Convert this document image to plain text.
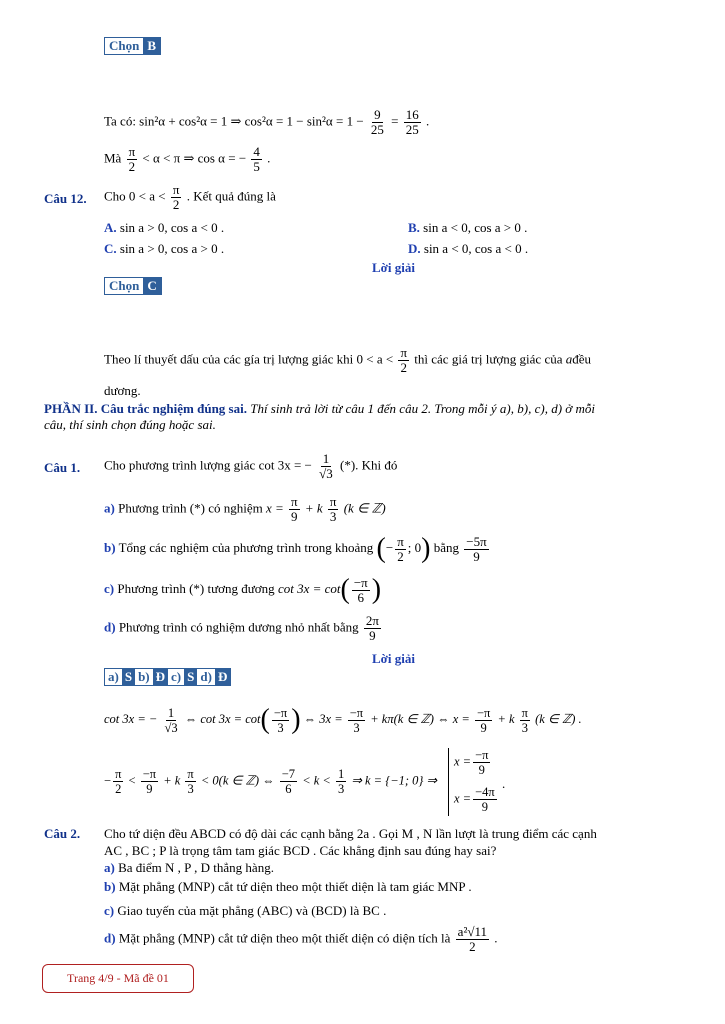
Chọn B
Ta có: sin²α + cos²α = 1 ⇒ $\cos^2\alpha = 1 - \sin^2\alpha = 1 - \frac{9}{25} = \frac{16}{25}$ .
Mà $\frac{\pi}{2} < \alpha < \pi$ ⇒ cos α = − $\frac{4}{5}$ .
Câu 12. Cho $0 < a < \frac{\pi}{2}$ . Kết quả đúng là
A. sin a > 0, cos a < 0 .	B. sin a < 0, cos a > 0 .
C. sin a > 0, cos a > 0 .	D. sin a < 0, cos a < 0 .
Lời giải
Chọn C
Theo lí thuyết dấu của các gía trị lượng giác khi $0 < a < \frac{\pi}{2}$ thì các giá trị lượng giác của ađều
dương.
PHẦN II. Câu trắc nghiệm đúng sai. Thí sinh trả lời từ câu 1 đến câu 2. Trong mỗi ý a), b), c), d) ở mỗi
câu, thí sinh chọn đúng hoặc sai.
Câu 1. Cho phương trình lượng giác cot 3x = − $\frac{1}{√3}$ (*). Khi đó
a) Phương trình (*) có nghiệm $x = \frac{\pi}{9} + k \frac{\pi}{3} (k$ ∈ ℤ)
b) Tổng các nghiệm của phương trình trong khoảng (− $\frac{\pi}{2}$ ; 0) bằng $\frac{-5\pi}{9}$
c) Phương trình (*) tương đương $\cot 3x = \cot( \frac{-\pi}{6}$ )
d) Phương trình có nghiệm dương nhỏ nhất bằng $\frac{2\pi}{9}$
Lời giải
a) S b) Đ c) S d) Đ
cot 3x = − $\frac{1}{√3}$ ⇔ $\cot 3x = \cot( \frac{-\pi}{3}$ ) ⇔ $3x = \frac{-\pi}{3} + k\pi(k$ ∈ ℤ) ⇔ $x = \frac{-\pi}{9} + k \frac{\pi}{3} (k$ ∈ ℤ) .
− $\frac{\pi}{2} < \frac{-\pi}{9} + k \frac{\pi}{3} < 0(k$ ∈ ℤ) ⇔ $\frac{-7}{6} < k < \frac{1}{3}$ ⇒ k = {−1; 0} ⇒
$x = \frac{-\pi}{9}$
$x = \frac{-4\pi}{9}$
.
Câu 2. Cho tứ diện đều ABCD có độ dài các cạnh bằng 2a . Gọi M , N lần lượt là trung điểm các cạnh
AC , BC ; P là trọng tâm tam giác BCD . Các khẳng định sau đúng hay sai?
a) Ba điểm N , P , D thẳng hàng.
b) Mặt phẳng (MNP) cắt tứ diện theo một thiết diện là tam giác MNP .
c) Giao tuyến của mặt phẳng (ABC) và (BCD) là BC .
d) Mặt phẳng (MNP) cắt tứ diện theo một thiết diện có diện tích là $\frac{\text{a²√11}}{2}$ .
Trang 4/9 - Mã đề 01
